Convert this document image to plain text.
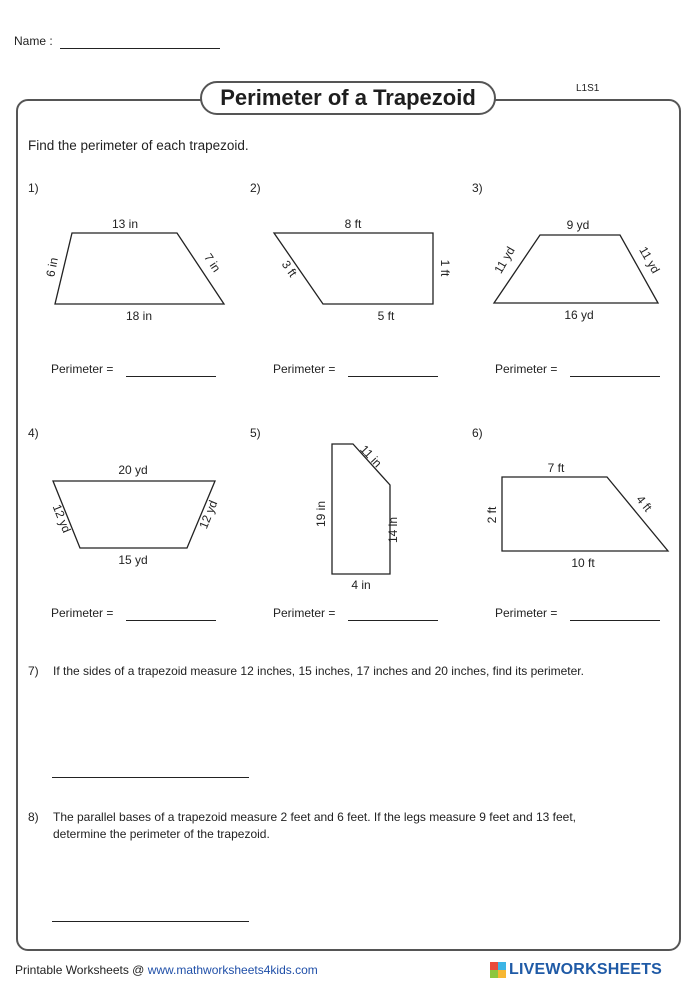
Name :
L1S1
Perimeter of a Trapezoid
Find the perimeter of each trapezoid.
1)	2)	3)
4)	5)	6)
13 in
18 in
6 in	7 in
8 ft
5 ft
3 ft	1 ft
9 yd
16 yd
11 yd	11 yd
20 yd
15 yd
12 yd	12 yd
11 in
19 in
14 in
4 in
7 ft
10 ft
2 ft
4 ft
Perimeter =	Perimeter =	Perimeter =
Perimeter =	Perimeter =	Perimeter =
7) If the sides of a trapezoid measure 12 inches, 15 inches, 17 inches and 20 inches, find its perimeter.
8) The parallel bases of a trapezoid measure 2 feet and 6 feet. If the legs measure 9 feet and 13 feet,
determine the perimeter of the trapezoid.
Printable Worksheets @ www.mathworksheets4kids.com	LIVEWORKSHEETS
